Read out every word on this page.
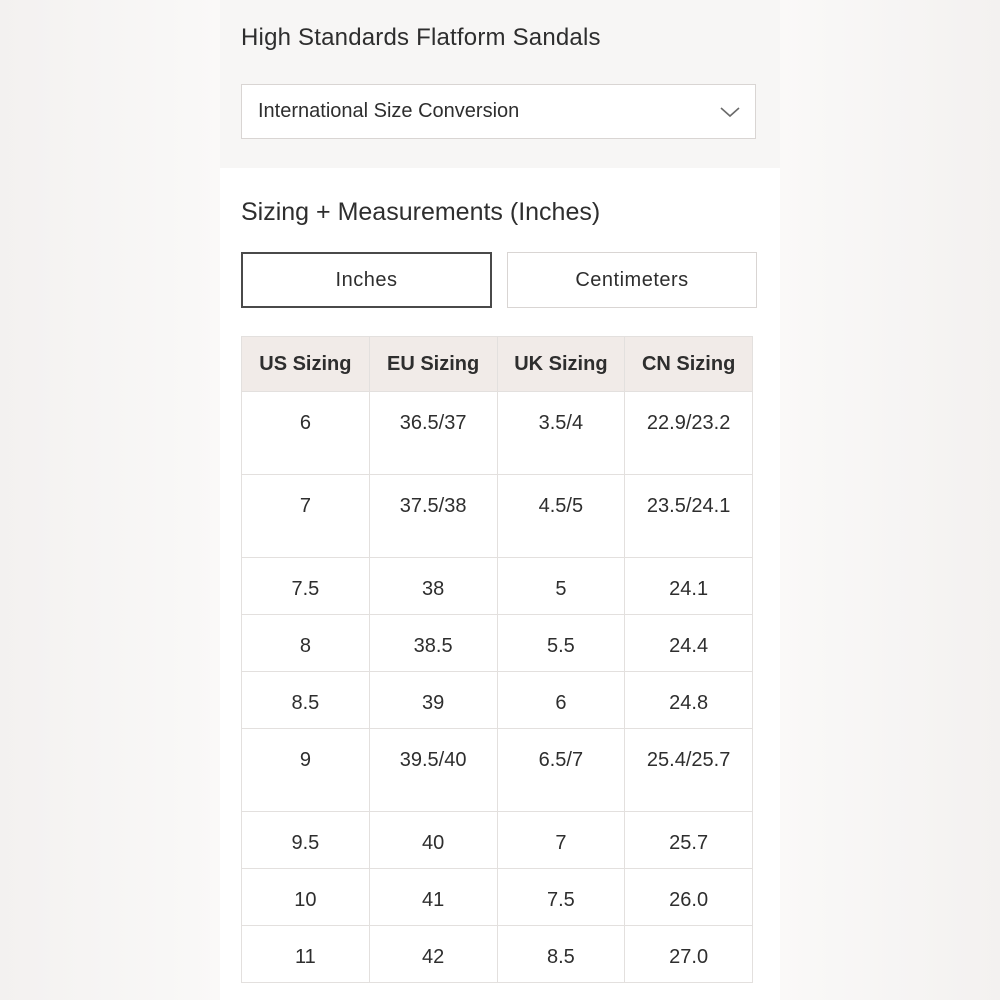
High Standards Flatform Sandals
International Size Conversion
Sizing + Measurements (Inches)
Inches	Centimeters
US Sizing	EU Sizing	UK Sizing	CN Sizing
6	36.5/37	3.5/4	22.9/23.2
7	37.5/38	4.5/5	23.5/24.1
7.5	38	5	24.1
8	38.5	5.5	24.4
8.5	39	6	24.8
9	39.5/40	6.5/7	25.4/25.7
9.5	40	7	25.7
10	41	7.5	26.0
11	42	8.5	27.0
